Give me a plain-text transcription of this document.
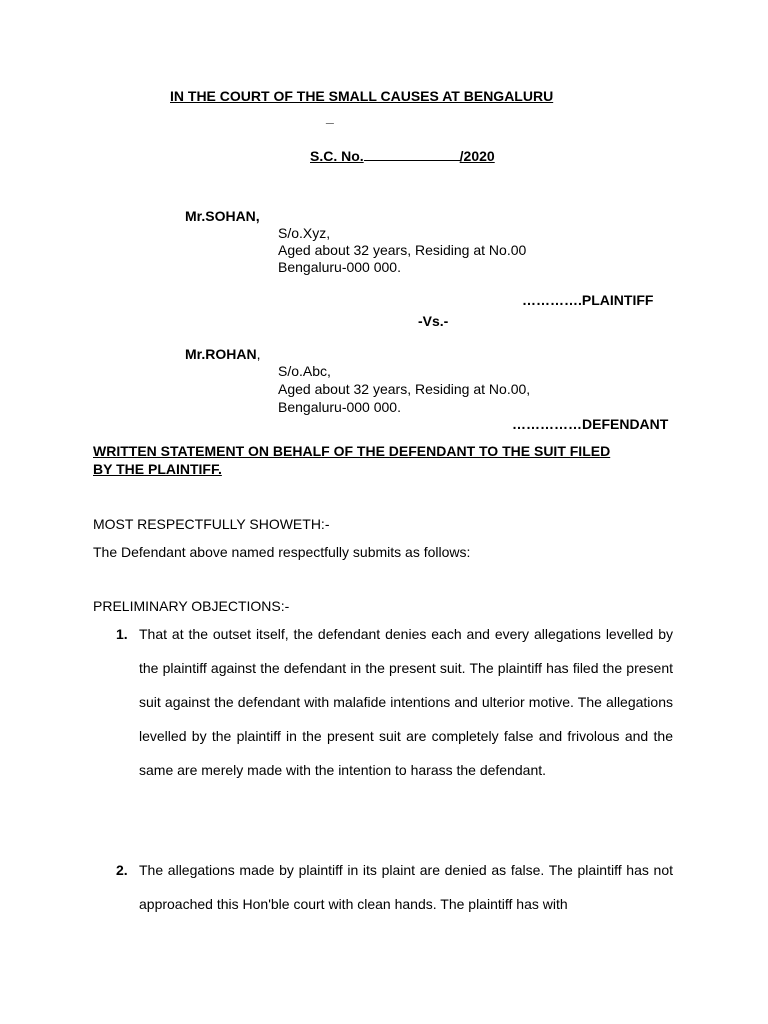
IN THE COURT OF THE SMALL CAUSES AT BENGALURU
_
S.C. No.	/2020
Mr.SOHAN,
S/o.Xyz,
Aged about 32 years, Residing at No.00
Bengaluru-000 000.
………….PLAINTIFF
-Vs.-
Mr.ROHAN,
S/o.Abc,
Aged about 32 years, Residing at No.00,
Bengaluru-000 000.
……………DEFENDANT
WRITTEN STATEMENT ON BEHALF OF THE DEFENDANT TO THE SUIT FILED
BY THE PLAINTIFF.
MOST RESPECTFULLY SHOWETH:-
The Defendant above named respectfully submits as follows:
PRELIMINARY OBJECTIONS:-
1. That at the outset itself, the defendant denies each and every allegations levelled by the plaintiff against the defendant in the present suit. The plaintiff has filed the present suit against the defendant with malafide intentions and ulterior motive. The allegations levelled by the plaintiff in the present suit are completely false and frivolous and the same are merely made with the intention to harass the defendant.
2. The allegations made by plaintiff in its plaint are denied as false. The plaintiff has not approached this Hon'ble court with clean hands. The plaintiff has with
